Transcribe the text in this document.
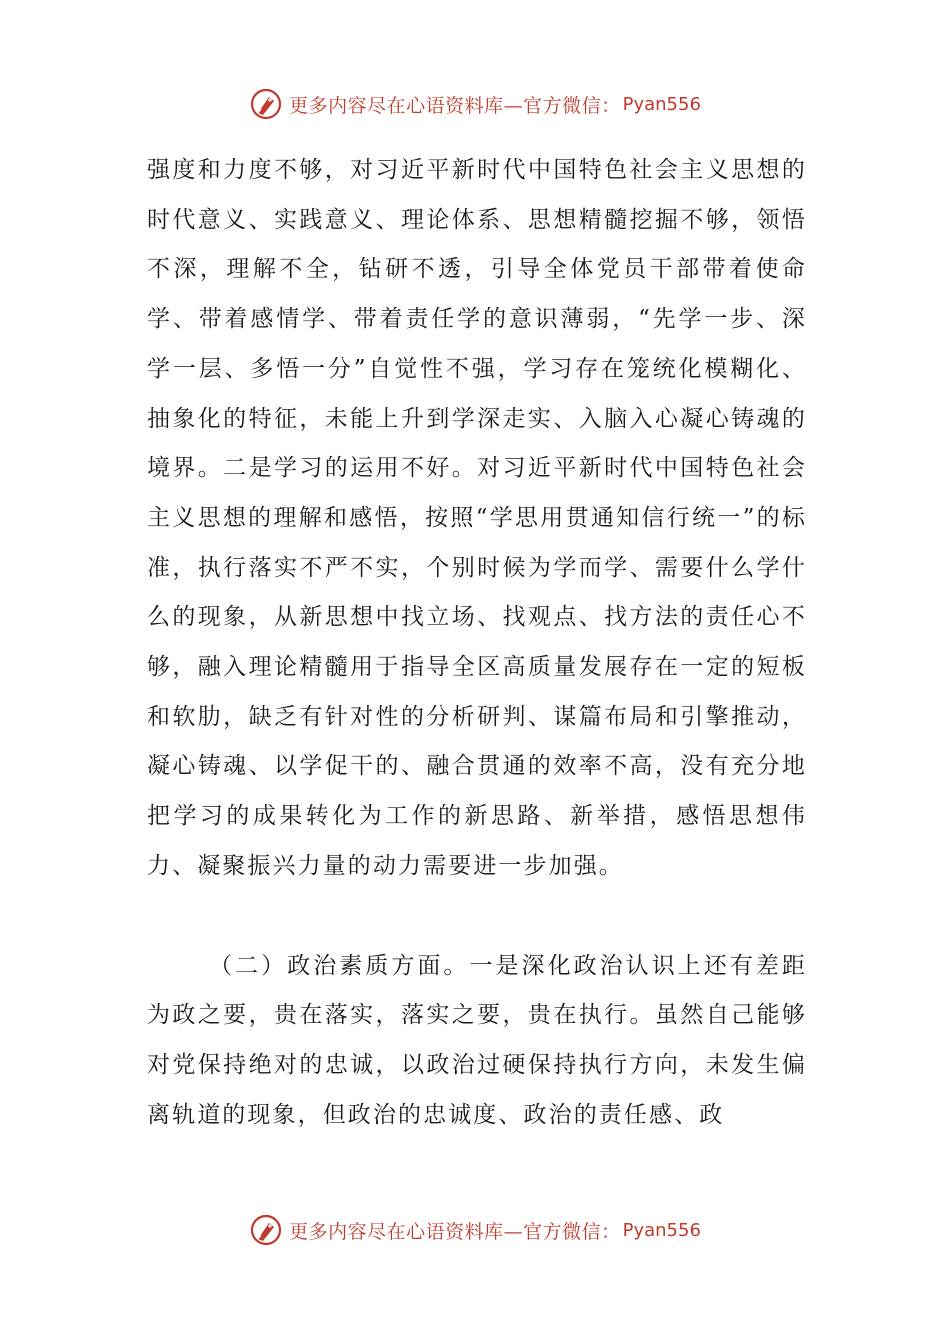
更多内容尽在心语资料库—官方微信： Pyan556

强度和力度不够，对习近平新时代中国特色社会主义思想的时代意义、实践意义、理论体系、思想精髓挖掘不够，领悟不深，理解不全，钻研不透，引导全体党员干部带着使命学、带着感情学、带着责任学的意识薄弱，“先学一步、深学一层、多悟一分”自觉性不强，学习存在笼统化模糊化、抽象化的特征，未能上升到学深走实、入脑入心凝心铸魂的境界。二是学习的运用不好。对习近平新时代中国特色社会主义思想的理解和感悟，按照“学思用贯通知信行统一”的标准，执行落实不严不实，个别时候为学而学、需要什么学什么的现象，从新思想中找立场、找观点、找方法的责任心不够，融入理论精髓用于指导全区高质量发展存在一定的短板和软肋，缺乏有针对性的分析研判、谋篇布局和引擎推动，凝心铸魂、以学促干的、融合贯通的效率不高，没有充分地把学习的成果转化为工作的新思路、新举措，感悟思想伟力、凝聚振兴力量的动力需要进一步加强。

（二）政治素质方面。一是深化政治认识上还有差距为政之要，贵在落实，落实之要，贵在执行。虽然自己能够对党保持绝对的忠诚，以政治过硬保持执行方向，未发生偏离轨道的现象，但政治的忠诚度、政治的责任感、政

更多内容尽在心语资料库—官方微信： Pyan556
